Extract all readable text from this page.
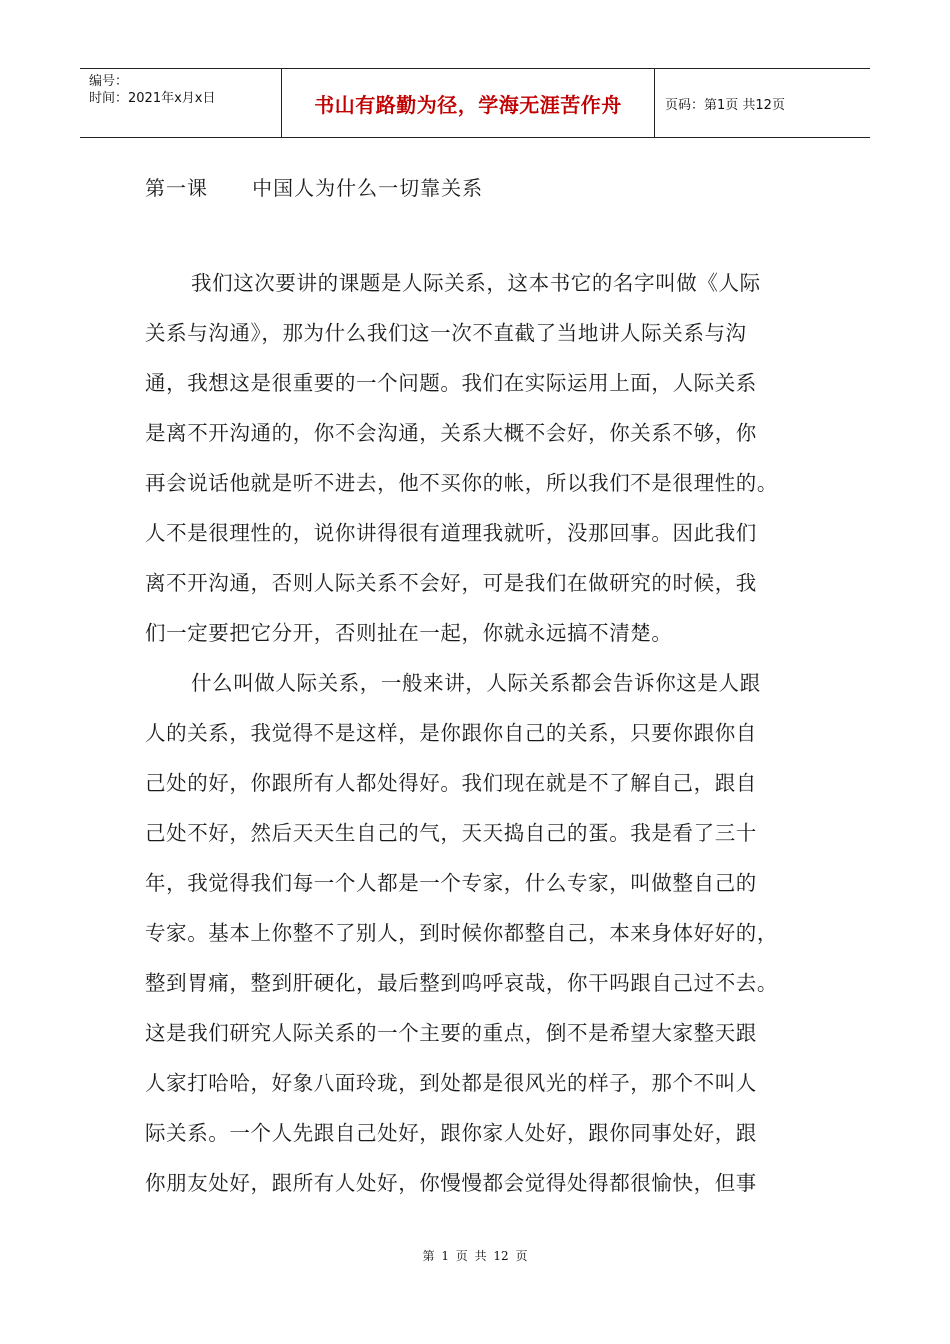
编号：
时间：2021年x月x日	书山有路勤为径，学海无涯苦作舟	页码：第1页 共12页
第一课      中国人为什么一切靠关系
我们这次要讲的课题是人际关系，这本书它的名字叫做《人际
关系与沟通》，那为什么我们这一次不直截了当地讲人际关系与沟
通，我想这是很重要的一个问题。我们在实际运用上面，人际关系
是离不开沟通的，你不会沟通，关系大概不会好，你关系不够，你
再会说话他就是听不进去，他不买你的帐，所以我们不是很理性的。
人不是很理性的，说你讲得很有道理我就听，没那回事。因此我们
离不开沟通，否则人际关系不会好，可是我们在做研究的时候，我
们一定要把它分开，否则扯在一起，你就永远搞不清楚。
什么叫做人际关系，一般来讲，人际关系都会告诉你这是人跟
人的关系，我觉得不是这样，是你跟你自己的关系，只要你跟你自
己处的好，你跟所有人都处得好。我们现在就是不了解自己，跟自
己处不好，然后天天生自己的气，天天捣自己的蛋。我是看了三十
年，我觉得我们每一个人都是一个专家，什么专家，叫做整自己的
专家。基本上你整不了别人，到时候你都整自己，本来身体好好的，
整到胃痛，整到肝硬化，最后整到呜呼哀哉，你干吗跟自己过不去。
这是我们研究人际关系的一个主要的重点，倒不是希望大家整天跟
人家打哈哈，好象八面玲珑，到处都是很风光的样子，那个不叫人
际关系。一个人先跟自己处好，跟你家人处好，跟你同事处好，跟
你朋友处好，跟所有人处好，你慢慢都会觉得处得都很愉快，但事
第 1 页 共 12 页
